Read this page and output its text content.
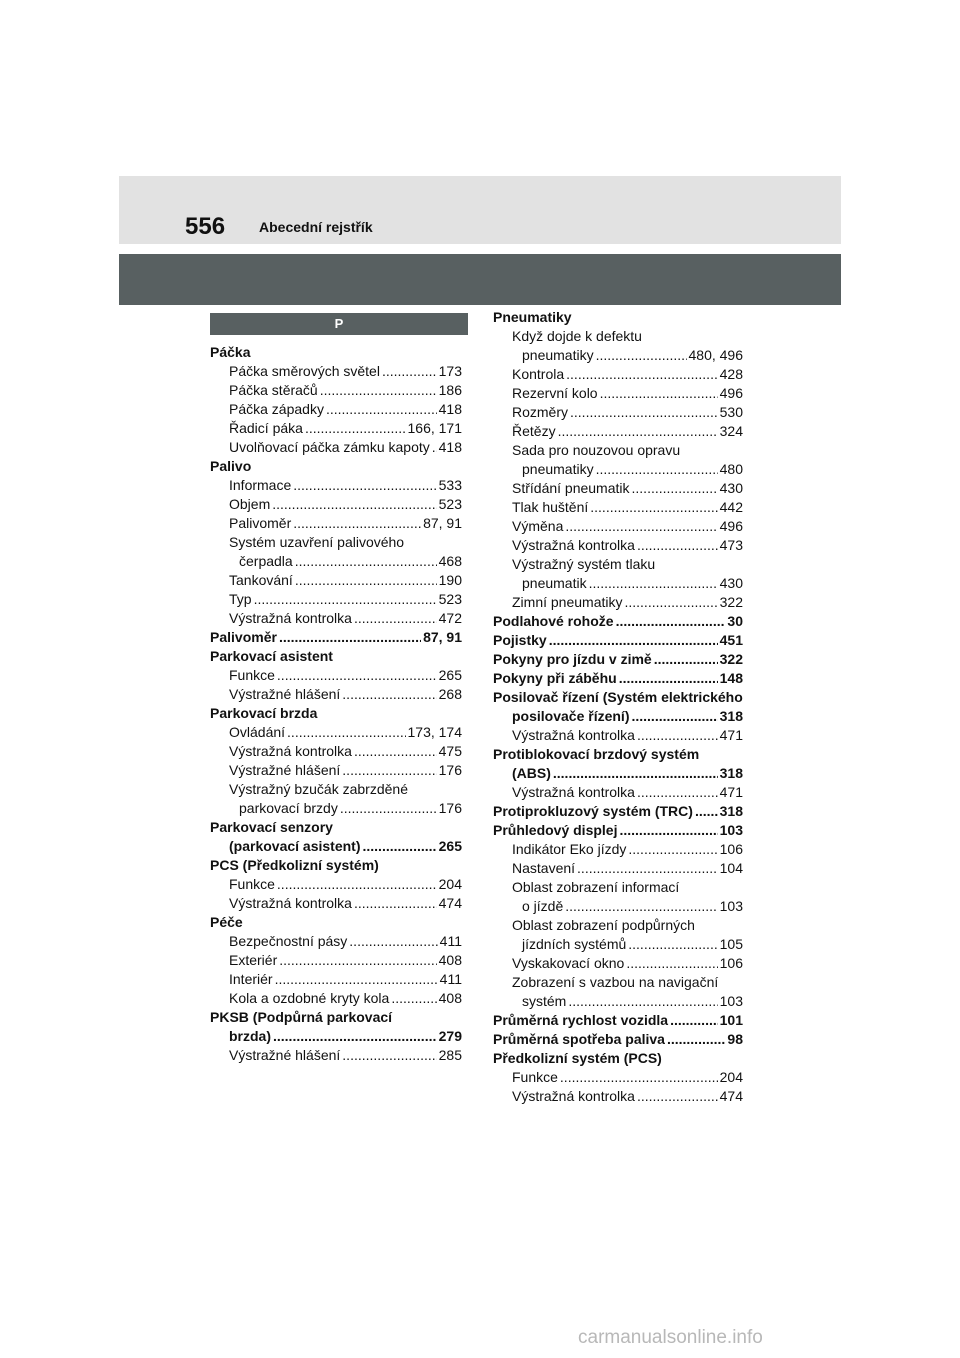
556 Abecední rejstřík
P
Páčka
Páčka směrových světel .....	173
Páčka stěračů .....	186
Páčka západky .....	418
Řadicí páka .....	166, 171
Uvolňovací páčka zámku kapoty ..... 418
Palivo
Informace .....	533
Objem .....	523
Palivoměr .....	87, 91
Systém uzavření palivového
čerpadla .....	468
Tankování .....	190
Typ .....	523
Výstražná kontrolka .....	472
Palivoměr .....	87, 91
Parkovací asistent
Funkce .....	265
Výstražné hlášení .....	268
Parkovací brzda
Ovládání .....	173, 174
Výstražná kontrolka .....	475
Výstražné hlášení .....	176
Výstražný bzučák zabrzděné
parkovací brzdy .....	176
Parkovací senzory
(parkovací asistent) .....	265
PCS (Předkolizní systém)
Funkce .....	204
Výstražná kontrolka .....	474
Péče
Bezpečnostní pásy .....	411
Exteriér .....	408
Interiér .....	411
Kola a ozdobné kryty kola .....	408
PKSB (Podpůrná parkovací
brzda) .....	279
Výstražné hlášení .....	285
Pneumatiky
Když dojde k defektu
pneumatiky .....	480, 496
Kontrola .....	428
Rezervní kolo .....	496
Rozměry .....	530
Řetězy .....	324
Sada pro nouzovou opravu
pneumatiky .....	480
Střídání pneumatik .....	430
Tlak huštění .....	442
Výměna .....	496
Výstražná kontrolka .....	473
Výstražný systém tlaku
pneumatik .....	430
Zimní pneumatiky .....	322
Podlahové rohože .....	30
Pojistky .....	451
Pokyny pro jízdu v zimě .....	322
Pokyny při záběhu .....	148
Posilovač řízení (Systém elektrického
posilovače řízení) .....	318
Výstražná kontrolka .....	471
Protiblokovací brzdový systém
(ABS) .....	318
Výstražná kontrolka .....	471
Protiprokluzový systém (TRC) ..... 318
Průhledový displej .....	103
Indikátor Eko jízdy .....	106
Nastavení .....	104
Oblast zobrazení informací
o jízdě .....	103
Oblast zobrazení podpůrných
jízdních systémů .....	105
Vyskakovací okno .....	106
Zobrazení s vazbou na navigační
systém .....	103
Průměrná rychlost vozidla .....	101
Průměrná spotřeba paliva .....	98
Předkolizní systém (PCS)
Funkce .....	204
Výstražná kontrolka .....	474
carmanualsonline.info
